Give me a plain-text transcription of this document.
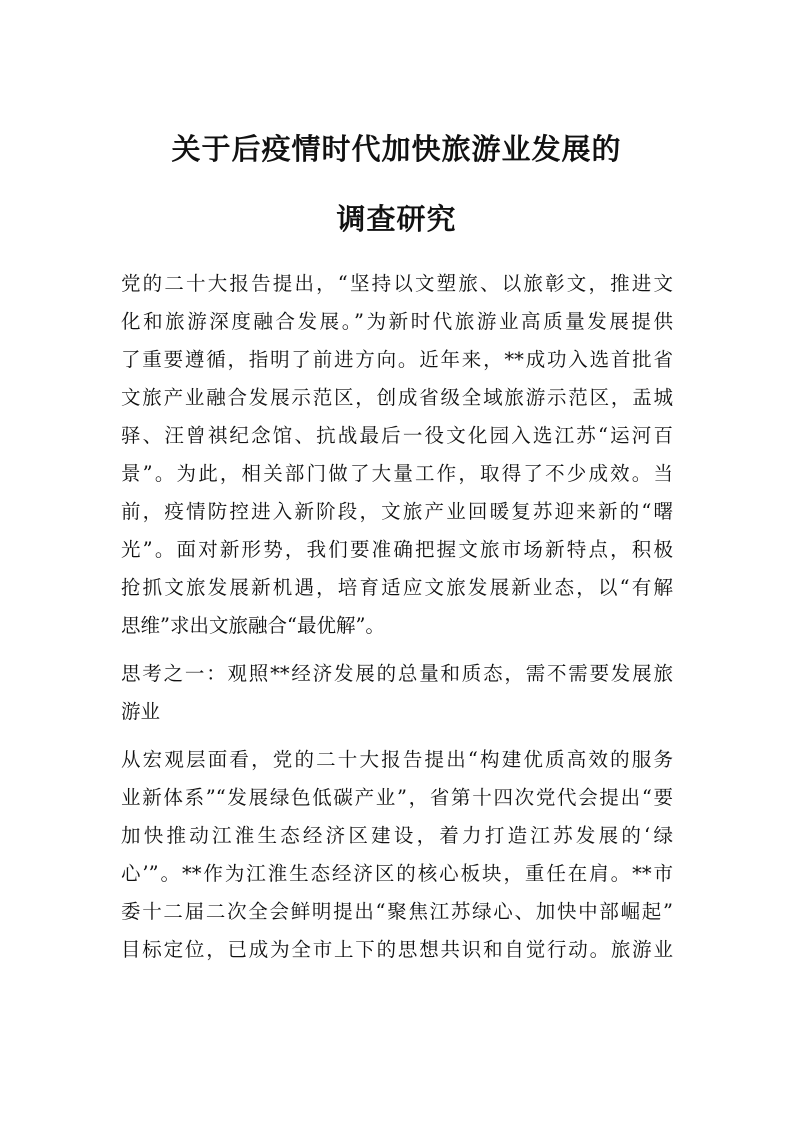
关于后疫情时代加快旅游业发展的
调查研究
党的二十大报告提出，“坚持以文塑旅、以旅彰文，推进文
化和旅游深度融合发展。”为新时代旅游业高质量发展提供
了重要遵循，指明了前进方向。近年来，**成功入选首批省
文旅产业融合发展示范区，创成省级全域旅游示范区，盂城
驿、汪曾祺纪念馆、抗战最后一役文化园入选江苏“运河百
景”。为此，相关部门做了大量工作，取得了不少成效。当
前，疫情防控进入新阶段，文旅产业回暖复苏迎来新的“曙
光”。面对新形势，我们要准确把握文旅市场新特点，积极
抢抓文旅发展新机遇，培育适应文旅发展新业态，以“有解
思维”求出文旅融合“最优解”。
思考之一：观照**经济发展的总量和质态，需不需要发展旅
游业
从宏观层面看，党的二十大报告提出“构建优质高效的服务
业新体系”“发展绿色低碳产业”，省第十四次党代会提出“要
加快推动江淮生态经济区建设，着力打造江苏发展的‘绿
心’”。**作为江淮生态经济区的核心板块，重任在肩。**市
委十二届二次全会鲜明提出“聚焦江苏绿心、加快中部崛起”
目标定位，已成为全市上下的思想共识和自觉行动。旅游业
